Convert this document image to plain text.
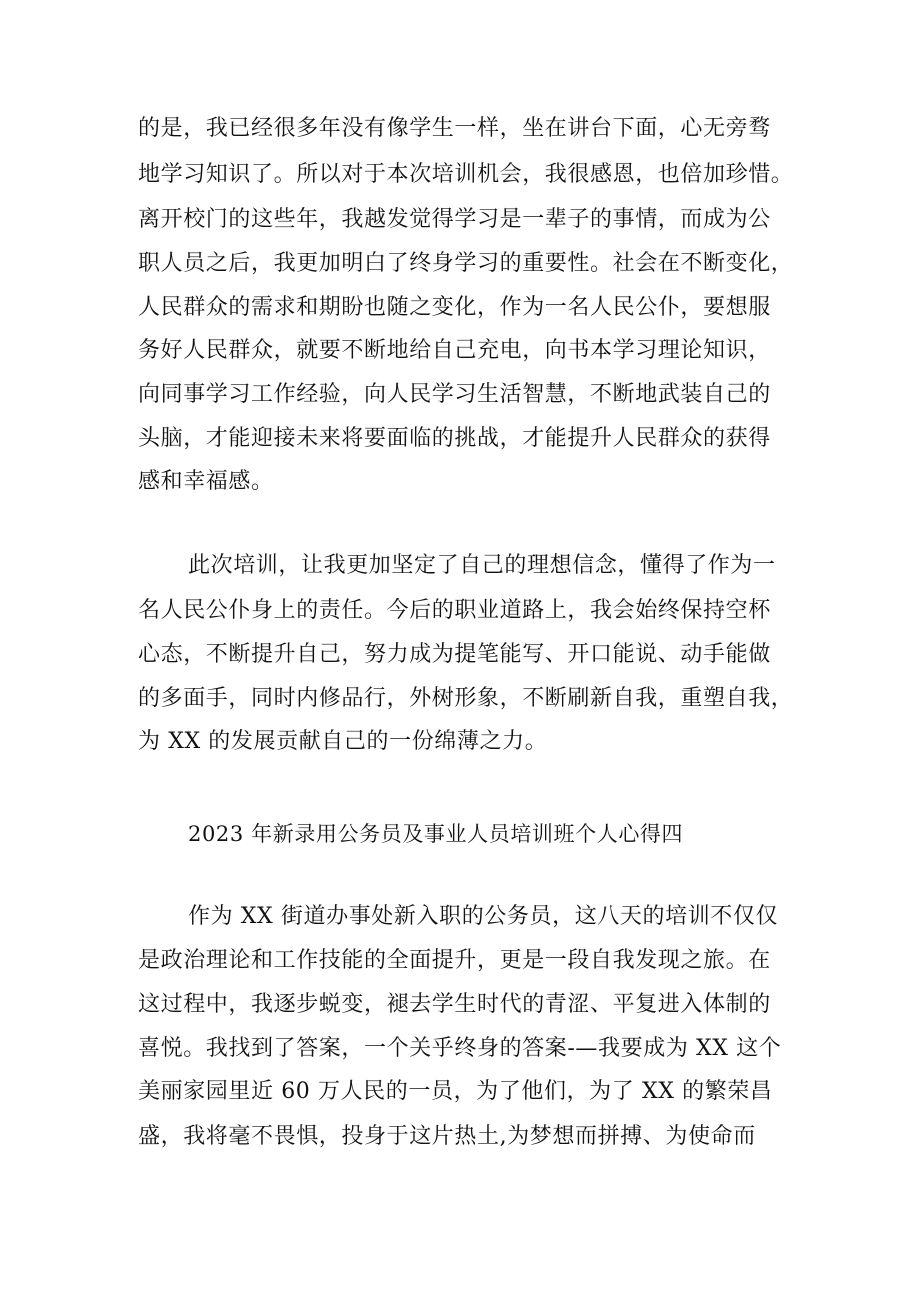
的是，我已经很多年没有像学生一样，坐在讲台下面，心无旁骛
地学习知识了。所以对于本次培训机会，我很感恩，也倍加珍惜。
离开校门的这些年，我越发觉得学习是一辈子的事情，而成为公
职人员之后，我更加明白了终身学习的重要性。社会在不断变化，
人民群众的需求和期盼也随之变化，作为一名人民公仆，要想服
务好人民群众，就要不断地给自己充电，向书本学习理论知识，
向同事学习工作经验，向人民学习生活智慧，不断地武装自己的
头脑，才能迎接未来将要面临的挑战，才能提升人民群众的获得
感和幸福感。
此次培训，让我更加坚定了自己的理想信念，懂得了作为一
名人民公仆身上的责任。今后的职业道路上，我会始终保持空杯
心态，不断提升自己，努力成为提笔能写、开口能说、动手能做
的多面手，同时内修品行，外树形象，不断刷新自我，重塑自我，
为 XX 的发展贡献自己的一份绵薄之力。
2023 年新录用公务员及事业人员培训班个人心得四
作为 XX 街道办事处新入职的公务员，这八天的培训不仅仅
是政治理论和工作技能的全面提升，更是一段自我发现之旅。在
这过程中，我逐步蜕变，褪去学生时代的青涩、平复进入体制的
喜悦。我找到了答案，一个关乎终身的答案-—我要成为 XX 这个
美丽家园里近 60 万人民的一员，为了他们，为了 XX 的繁荣昌
盛，我将毫不畏惧，投身于这片热土,为梦想而拼搏、为使命而
